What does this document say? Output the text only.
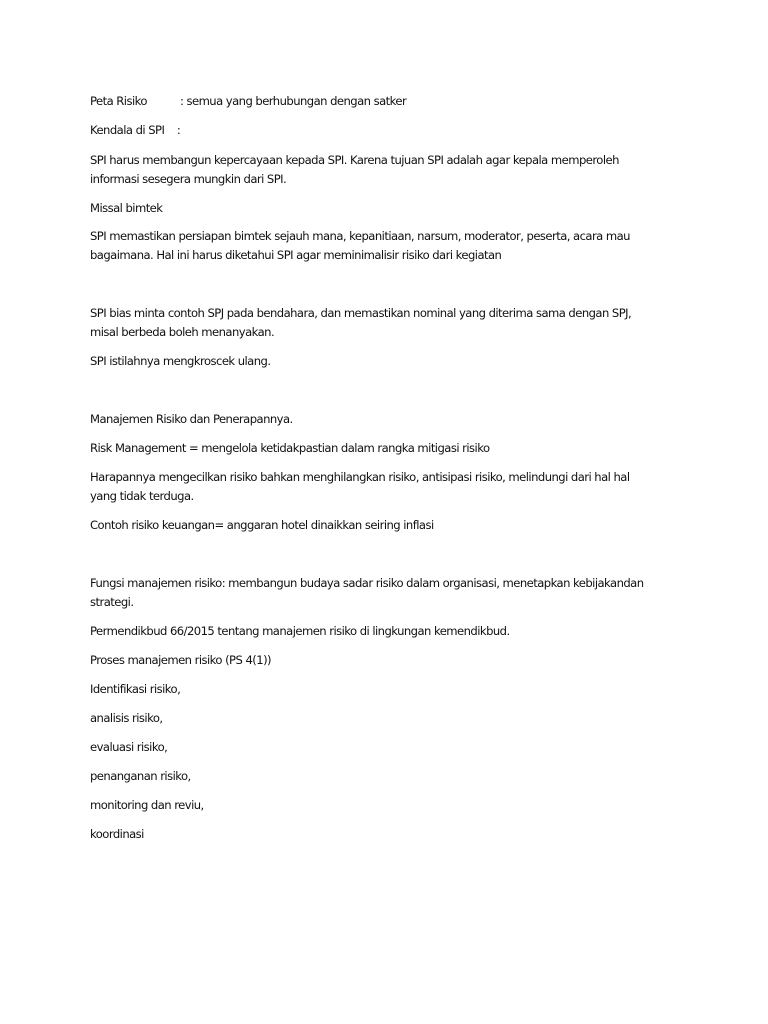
Peta Risiko	: semua yang berhubungan dengan satker

Kendala di SPI    :

SPI harus membangun kepercayaan kepada SPI. Karena tujuan SPI adalah agar kepala memperoleh

informasi sesegera mungkin dari SPI.

Missal bimtek

SPI memastikan persiapan bimtek sejauh mana, kepanitiaan, narsum, moderator, peserta, acara mau

bagaimana. Hal ini harus diketahui SPI agar meminimalisir risiko dari kegiatan

SPI bias minta contoh SPJ pada bendahara, dan memastikan nominal yang diterima sama dengan SPJ,

misal berbeda boleh menanyakan.

SPI istilahnya mengkroscek ulang.

Manajemen Risiko dan Penerapannya.

Risk Management = mengelola ketidakpastian dalam rangka mitigasi risiko

Harapannya mengecilkan risiko bahkan menghilangkan risiko, antisipasi risiko, melindungi dari hal hal

yang tidak terduga.

Contoh risiko keuangan= anggaran hotel dinaikkan seiring inflasi

Fungsi manajemen risiko: membangun budaya sadar risiko dalam organisasi, menetapkan kebijakandan

strategi.

Permendikbud 66/2015 tentang manajemen risiko di lingkungan kemendikbud.

Proses manajemen risiko (PS 4(1))

Identifikasi risiko,

analisis risiko,

evaluasi risiko,

penanganan risiko,

monitoring dan reviu,

koordinasi
